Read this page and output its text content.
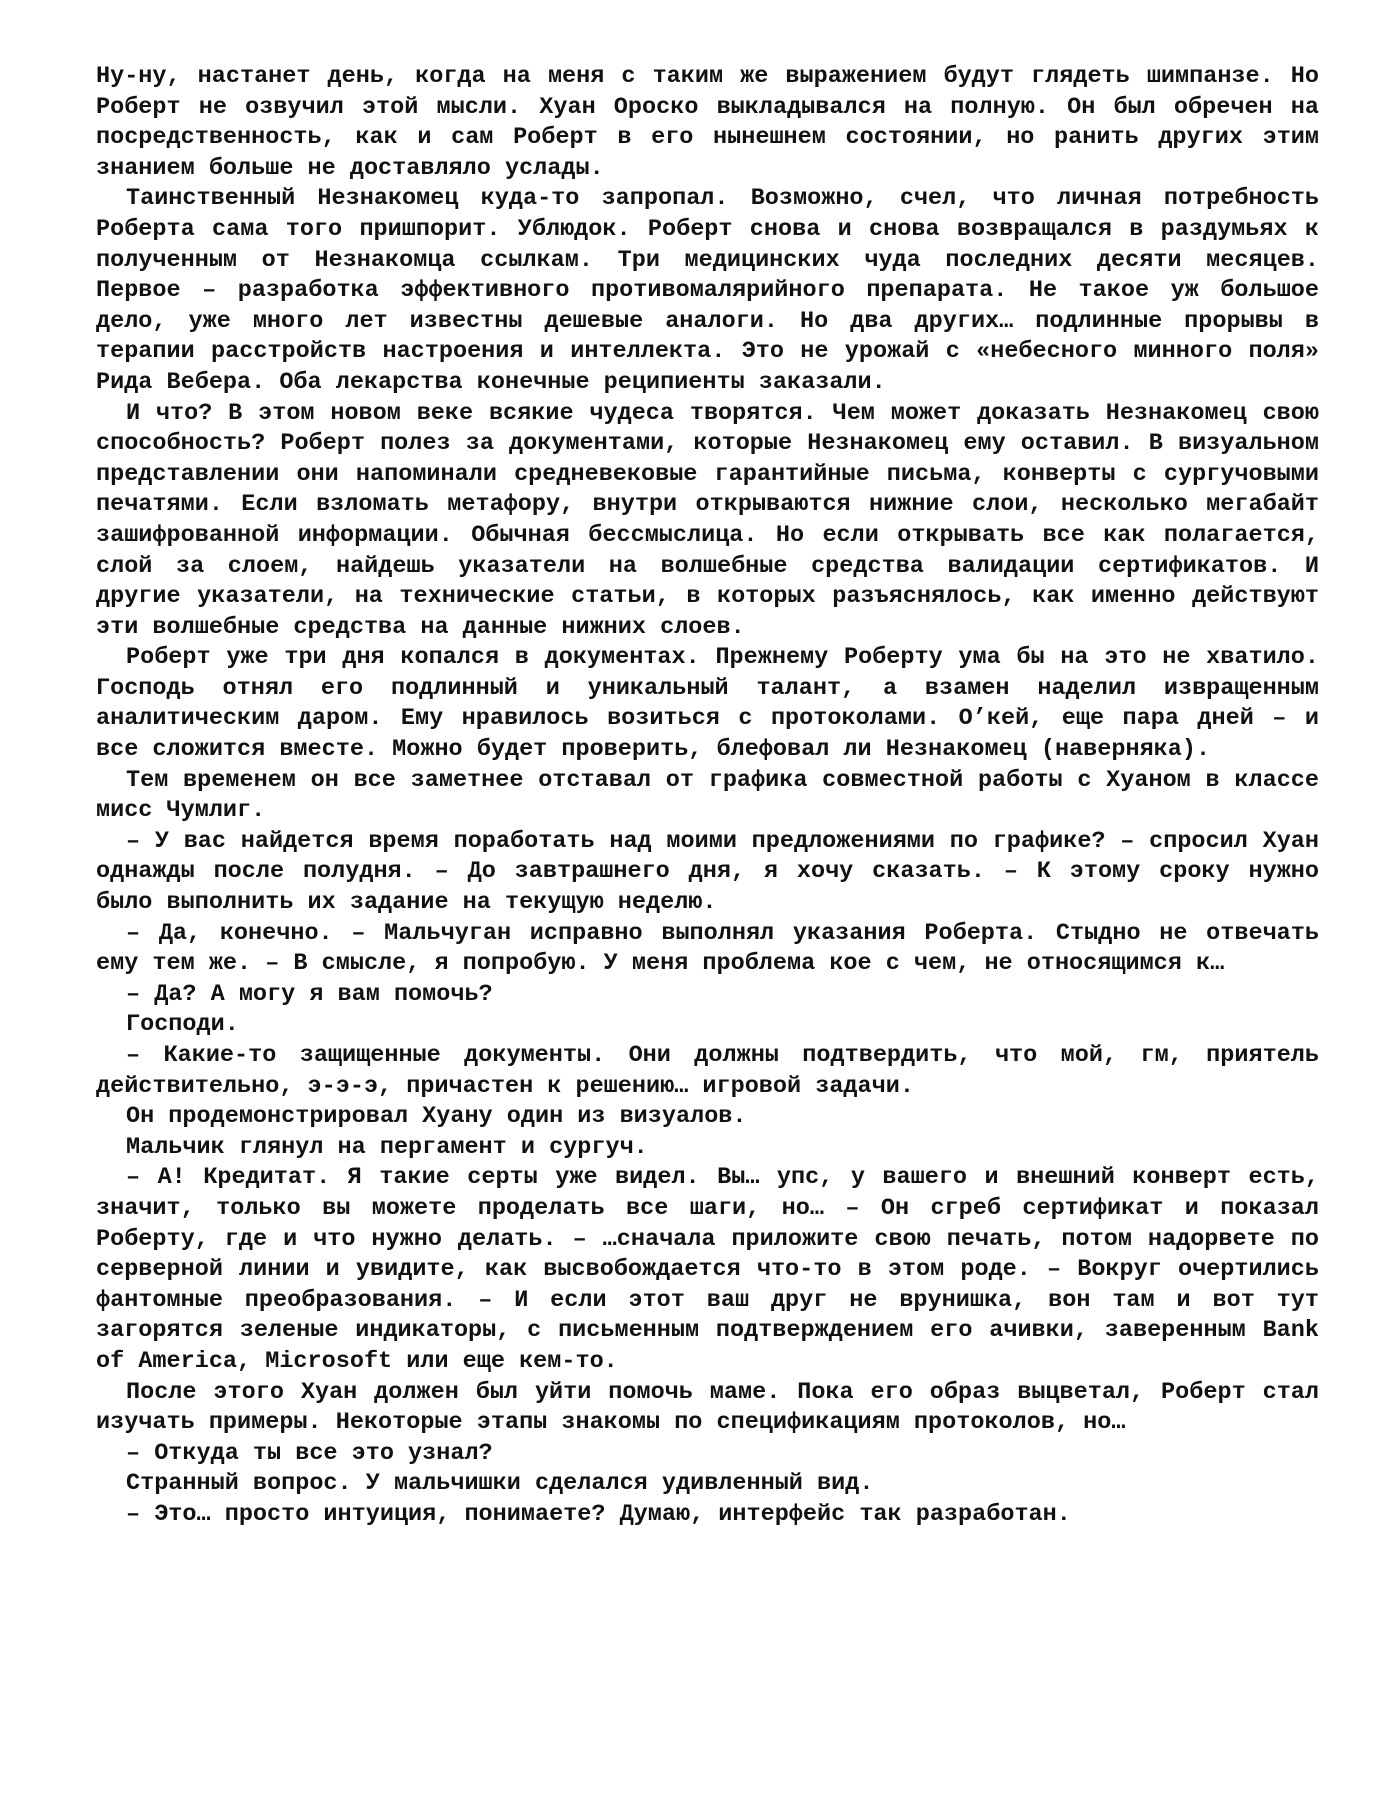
Ну-ну, настанет день, когда на меня с таким же выражением будут глядеть шимпанзе. Но Роберт не озвучил этой мысли. Хуан Ороско выкладывался на полную. Он был обречен на посредственность, как и сам Роберт в его нынешнем состоянии, но ранить других этим знанием больше не доставляло услады.

Таинственный Незнакомец куда-то запропал. Возможно, счел, что личная потребность Роберта сама того пришпорит. Ублюдок. Роберт снова и снова возвращался в раздумьях к полученным от Незнакомца ссылкам. Три медицинских чуда последних десяти месяцев. Первое – разработка эффективного противомалярийного препарата. Не такое уж большое дело, уже много лет известны дешевые аналоги. Но два других… подлинные прорывы в терапии расстройств настроения и интеллекта. Это не урожай с «небесного минного поля» Рида Вебера. Оба лекарства конечные реципиенты заказали.

И что? В этом новом веке всякие чудеса творятся. Чем может доказать Незнакомец свою способность? Роберт полез за документами, которые Незнакомец ему оставил. В визуальном представлении они напоминали средневековые гарантийные письма, конверты с сургучовыми печатями. Если взломать метафору, внутри открываются нижние слои, несколько мегабайт зашифрованной информации. Обычная бессмыслица. Но если открывать все как полагается, слой за слоем, найдешь указатели на волшебные средства валидации сертификатов. И другие указатели, на технические статьи, в которых разъяснялось, как именно действуют эти волшебные средства на данные нижних слоев.

Роберт уже три дня копался в документах. Прежнему Роберту ума бы на это не хватило. Господь отнял его подлинный и уникальный талант, а взамен наделил извращенным аналитическим даром. Ему нравилось возиться с протоколами. О’кей, еще пара дней – и все сложится вместе. Можно будет проверить, блефовал ли Незнакомец (наверняка).

Тем временем он все заметнее отставал от графика совместной работы с Хуаном в классе мисс Чумлиг.

– У вас найдется время поработать над моими предложениями по графике? – спросил Хуан однажды после полудня. – До завтрашнего дня, я хочу сказать. – К этому сроку нужно было выполнить их задание на текущую неделю.

– Да, конечно. – Мальчуган исправно выполнял указания Роберта. Стыдно не отвечать ему тем же. – В смысле, я попробую. У меня проблема кое с чем, не относящимся к…

– Да? А могу я вам помочь?

Господи.

– Какие-то защищенные документы. Они должны подтвердить, что мой, гм, приятель действительно, э-э-э, причастен к решению… игровой задачи.

Он продемонстрировал Хуану один из визуалов.

Мальчик глянул на пергамент и сургуч.

– А! Кредитат. Я такие серты уже видел. Вы… упс, у вашего и внешний конверт есть, значит, только вы можете проделать все шаги, но… – Он сгреб сертификат и показал Роберту, где и что нужно делать. – …сначала приложите свою печать, потом надорвете по серверной линии и увидите, как высвобождается что-то в этом роде. – Вокруг очертились фантомные преобразования. – И если этот ваш друг не врунишка, вон там и вот тут загорятся зеленые индикаторы, с письменным подтверждением его ачивки, заверенным Bank of America, Microsoft или еще кем-то.

После этого Хуан должен был уйти помочь маме. Пока его образ выцветал, Роберт стал изучать примеры. Некоторые этапы знакомы по спецификациям протоколов, но…

– Откуда ты все это узнал?

Странный вопрос. У мальчишки сделался удивленный вид.

– Это… просто интуиция, понимаете? Думаю, интерфейс так разработан.
